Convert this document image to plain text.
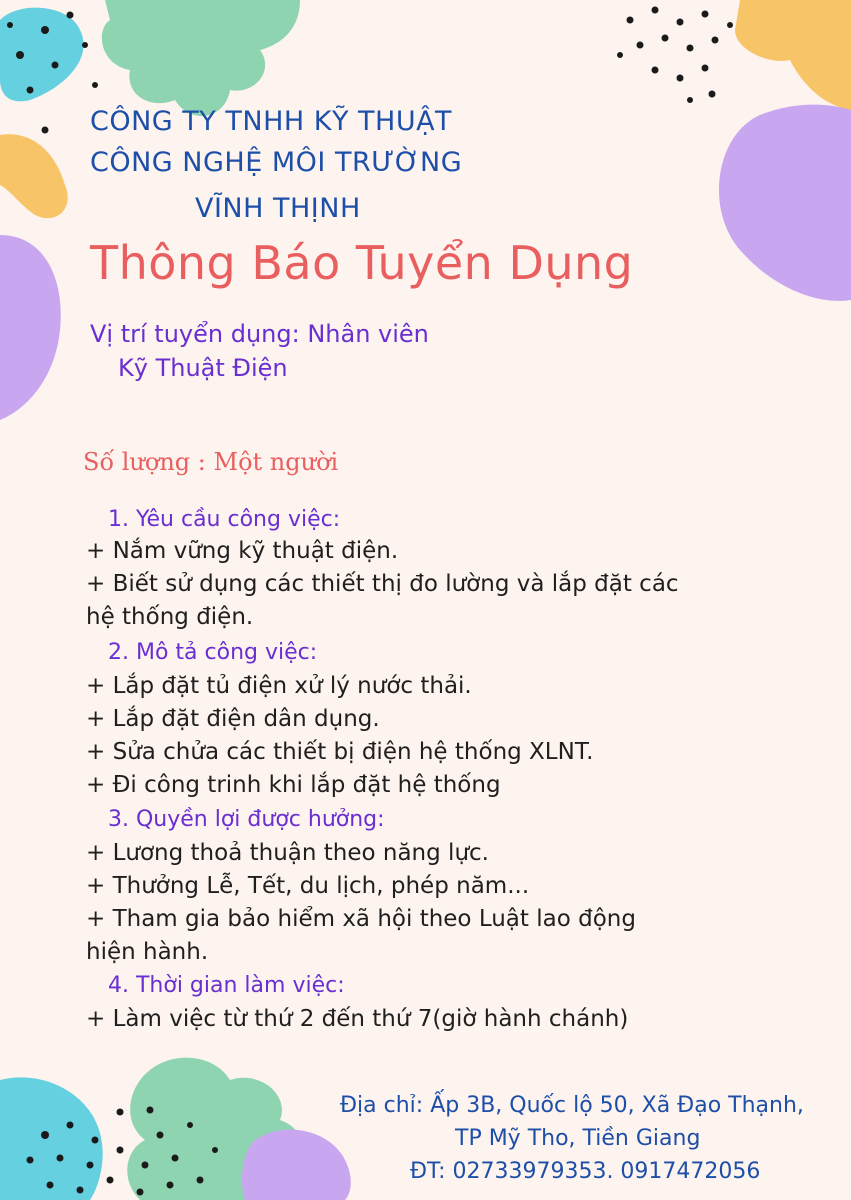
CÔNG TY TNHH KỸ THUẬT
CÔNG NGHỆ MÔI TRƯỜNG
VĨNH THỊNH
Thông Báo Tuyển Dụng
Vị trí tuyển dụng: Nhân viên
Kỹ Thuật Điện
Số lượng : Một người
1. Yêu cầu công việc:
+ Nắm vững kỹ thuật điện.
+ Biết sử dụng các thiết thị đo lường và lắp đặt các
hệ thống điện.
2. Mô tả công việc:
+ Lắp đặt tủ điện xử lý nước thải.
+ Lắp đặt điện dân dụng.
+ Sửa chửa các thiết bị điện hệ thống XLNT.
+ Đi công trinh khi lắp đặt hệ thống
3. Quyền lợi được hưởng:
+ Lương thoả thuận theo năng lực.
+ Thưởng Lễ, Tết, du lịch, phép năm...
+ Tham gia bảo hiểm xã hội theo Luật lao động
hiện hành.
4. Thời gian làm việc:
+ Làm việc từ thứ 2 đến thứ 7(giờ hành chánh)
Địa chỉ: Ấp 3B, Quốc lộ 50, Xã Đạo Thạnh,
TP Mỹ Tho, Tiền Giang
ĐT: 02733979353. 0917472056
